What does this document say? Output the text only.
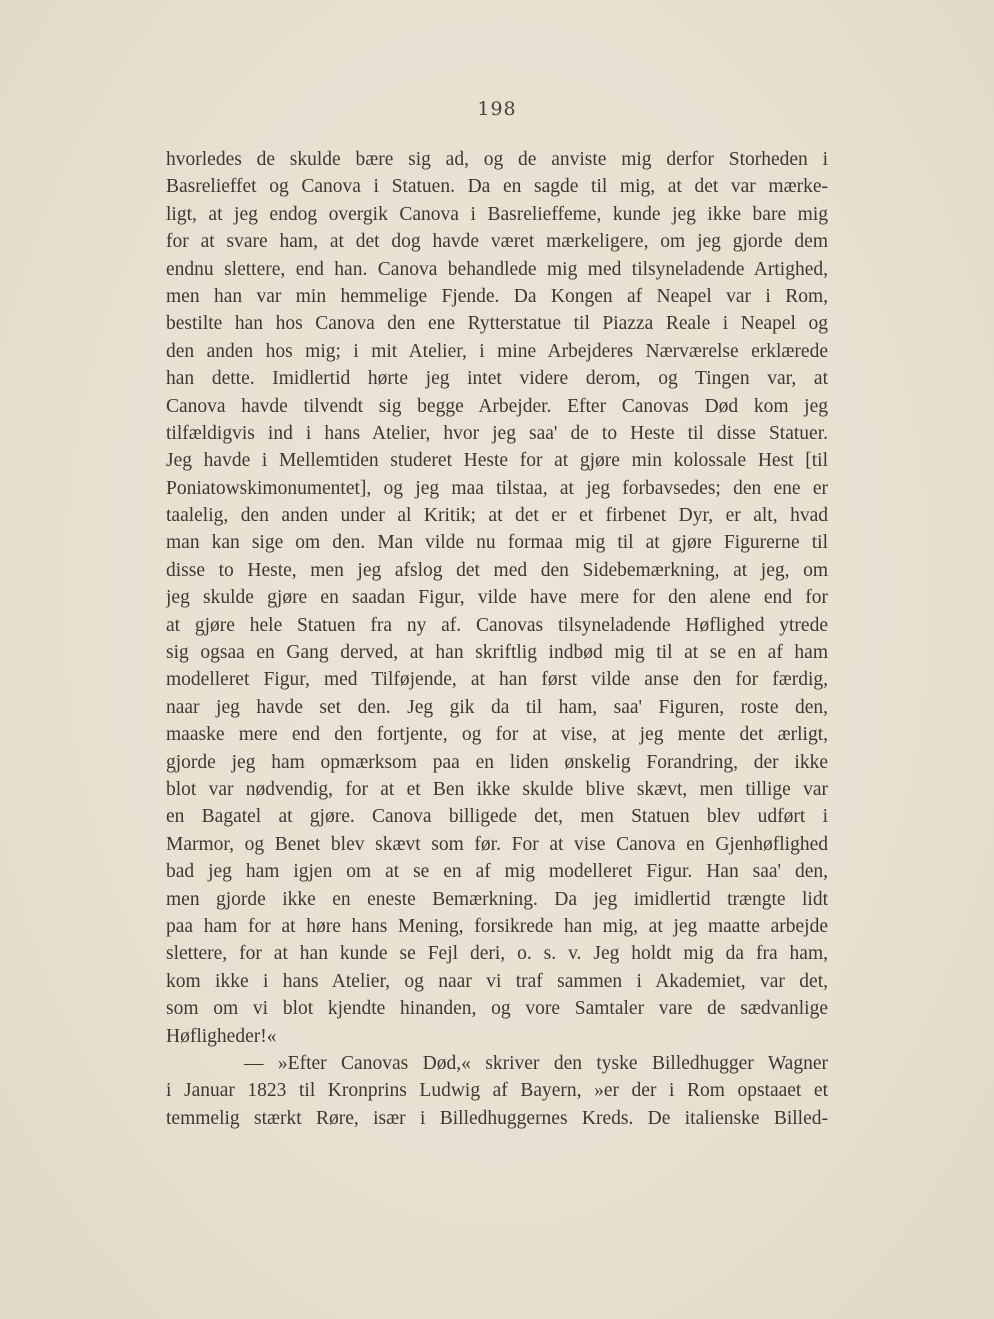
198
hvorledes de skulde bære sig ad, og de anviste mig derfor Storheden i
Basrelieffet og Canova i Statuen. Da en sagde til mig, at det var mærke-
ligt, at jeg endog overgik Canova i Basrelieffeme, kunde jeg ikke bare mig
for at svare ham, at det dog havde været mærkeligere, om jeg gjorde dem
endnu slettere, end han. Canova behandlede mig med tilsyneladende Artighed,
men han var min hemmelige Fjende. Da Kongen af Neapel var i Rom,
bestilte han hos Canova den ene Rytterstatue til Piazza Reale i Neapel og
den anden hos mig; i mit Atelier, i mine Arbejderes Nærværelse erklærede
han dette. Imidlertid hørte jeg intet videre derom, og Tingen var, at
Canova havde tilvendt sig begge Arbejder. Efter Canovas Død kom jeg
tilfældigvis ind i hans Atelier, hvor jeg saa' de to Heste til disse Statuer.
Jeg havde i Mellemtiden studeret Heste for at gjøre min kolossale Hest [til
Poniatowskimonumentet], og jeg maa tilstaa, at jeg forbavsedes; den ene er
taalelig, den anden under al Kritik; at det er et firbenet Dyr, er alt, hvad
man kan sige om den. Man vilde nu formaa mig til at gjøre Figurerne til
disse to Heste, men jeg afslog det med den Sidebemærkning, at jeg, om
jeg skulde gjøre en saadan Figur, vilde have mere for den alene end for
at gjøre hele Statuen fra ny af. Canovas tilsyneladende Høflighed ytrede
sig ogsaa en Gang derved, at han skriftlig indbød mig til at se en af ham
modelleret Figur, med Tilføjende, at han først vilde anse den for færdig,
naar jeg havde set den. Jeg gik da til ham, saa' Figuren, roste den,
maaske mere end den fortjente, og for at vise, at jeg mente det ærligt,
gjorde jeg ham opmærksom paa en liden ønskelig Forandring, der ikke
blot var nødvendig, for at et Ben ikke skulde blive skævt, men tillige var
en Bagatel at gjøre. Canova billigede det, men Statuen blev udført i
Marmor, og Benet blev skævt som før. For at vise Canova en Gjenhøflighed
bad jeg ham igjen om at se en af mig modelleret Figur. Han saa' den,
men gjorde ikke en eneste Bemærkning. Da jeg imidlertid trængte lidt
paa ham for at høre hans Mening, forsikrede han mig, at jeg maatte arbejde
slettere, for at han kunde se Fejl deri, o. s. v. Jeg holdt mig da fra ham,
kom ikke i hans Atelier, og naar vi traf sammen i Akademiet, var det,
som om vi blot kjendte hinanden, og vore Samtaler vare de sædvanlige
Høfligheder!«
— »Efter Canovas Død,« skriver den tyske Billedhugger Wagner
i Januar 1823 til Kronprins Ludwig af Bayern, »er der i Rom opstaaet et
temmelig stærkt Røre, især i Billedhuggernes Kreds. De italienske Billed-
